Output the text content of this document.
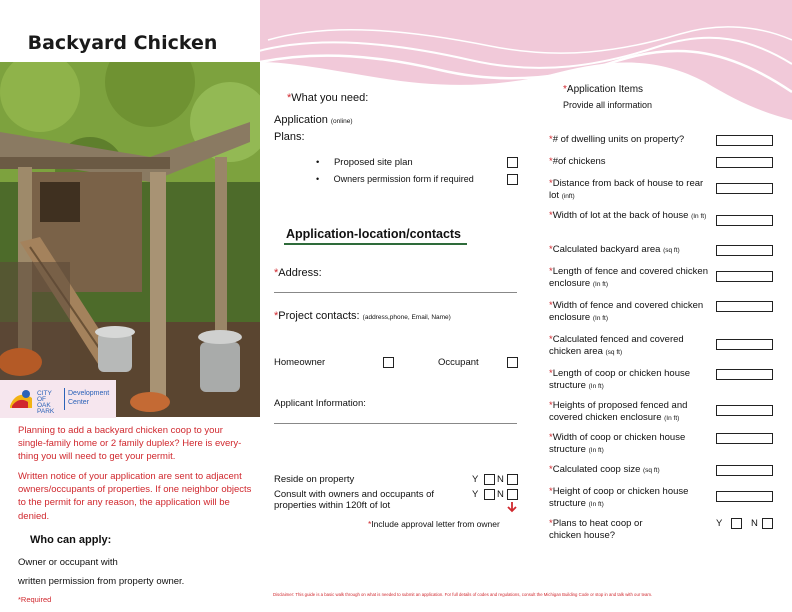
Backyard Chicken
CITY OF OAK PARK
Development
Center
Planning to add a backyard chicken coop to your single-family home or 2 family duplex? Here is every-thing you will need to get your permit.
Written notice of your application are sent to adjacent owners/occupants of properties. If one neighbor objects to the permit for any reason, the application will be denied.
Who can apply:
Owner or occupant with
written permission from property owner.
*Required
*What you need:
Application (online)
Plans:
• Proposed site plan
• Owners permission form if required
Application-location/contacts
*Address:
*Project contacts: (address,phone, Email, Name)
Homeowner	Occupant
Applicant Information:
Reside on property	Y N
Consult with owners and occupants of
properties within 120ft of lot
Y N
*Include approval letter from owner
*Application Items
Provide all information
*# of dwelling units on property?
*#of chickens
*Distance from back of house to rear lot (inft)
*Width of lot at the back of house (In ft)
*Calculated backyard area (sq ft)
*Length of fence and covered chicken enclosure (In ft)
*Width of fence and covered chicken enclosure (In ft)
*Calculated fenced and covered chicken area (sq ft)
*Length of coop or chicken house structure (In ft)
*Heights of proposed fenced and covered chicken enclosure (In ft)
*Width of coop or chicken house structure (In ft)
*Calculated coop size (sq ft)
*Height of coop or chicken house structure (In ft)
*Plans to heat coop or
chicken house?
Y	N
Disclaimer: This guide is a basic walk through on what is needed to submit an application. For full details of codes and regulations, consult the Michigan Building Code or stop in and talk with our team.
